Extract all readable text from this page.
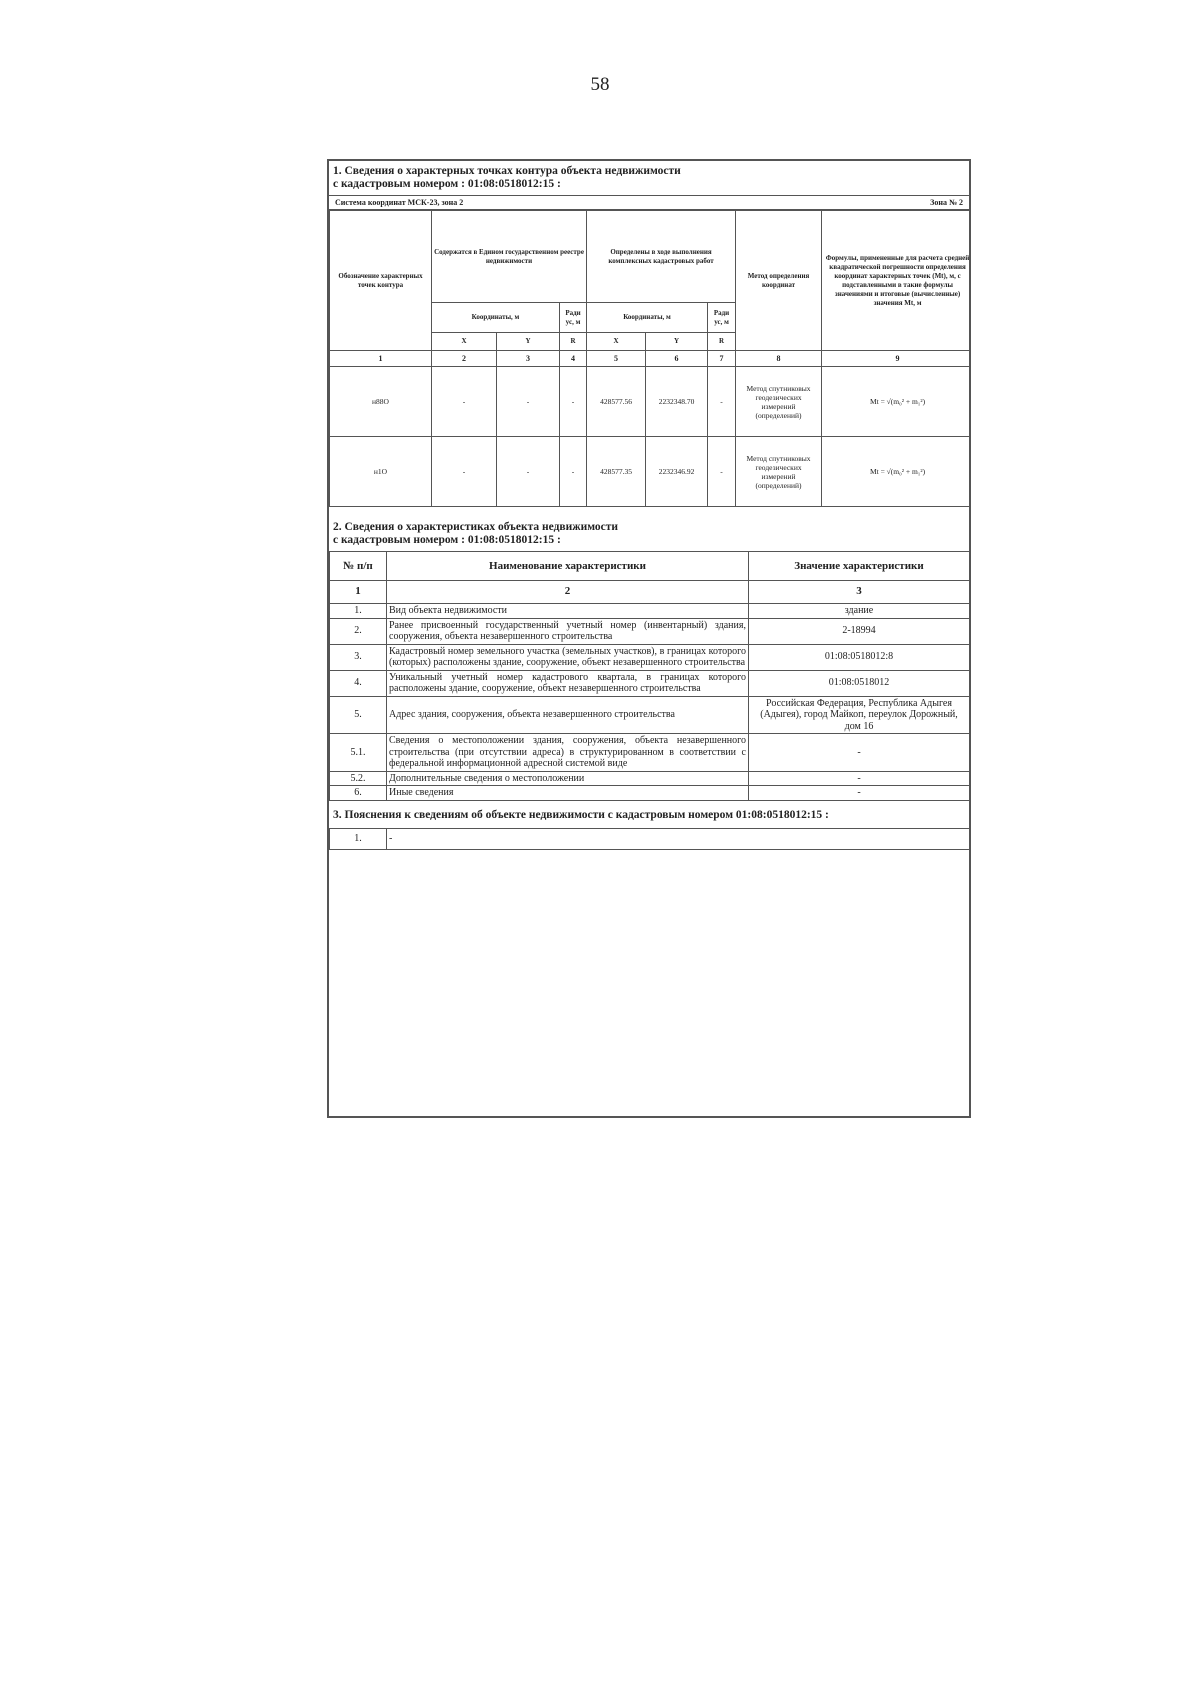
58
1. Сведения о характерных точках контура объекта недвижимости
с кадастровым номером : 01:08:0518012:15 :
Система координат МСК-23, зона 2	Зона № 2
Обозначение характерных точек контура	Содержатся в Едином государственном реестре недвижимости			Определены в ходе выполнения комплексных кадастровых работ			Метод определения координат	Формулы, примененные для расчета средней квадратической погрешности определения координат характерных точек (Mt), м, с подставленными в такие формулы значениями и итоговые (вычисленные) значения Mt, м
	Координаты, м		Ради ус, м	Координаты, м		Ради ус, м		
	X	Y	R	X	Y	R		
1	2	3	4	5	6	7	8	9
н88О	-	-	-	428577.56	2232348.70	-	Метод спутниковых геодезических измерений (определений)	Mt = √(m₀² + m₁²)
н1О	-	-	-	428577.35	2232346.92	-	Метод спутниковых геодезических измерений (определений)	Mt = √(m₀² + m₁²)
2. Сведения о характеристиках объекта недвижимости
с кадастровым номером : 01:08:0518012:15 :
№ п/п	Наименование характеристики	Значение характеристики
1	2	3
1.	Вид объекта недвижимости	здание
2.	Ранее присвоенный государственный учетный номер (инвентарный) здания, сооружения, объекта незавершенного строительства	2-18994
3.	Кадастровый номер земельного участка (земельных участков), в границах которого (которых) расположены здание, сооружение, объект незавершенного строительства	01:08:0518012:8
4.	Уникальный учетный номер кадастрового квартала, в границах которого расположены здание, сооружение, объект незавершенного строительства	01:08:0518012
5.	Адрес здания, сооружения, объекта незавершенного строительства	Российская Федерация, Республика Адыгея (Адыгея), город Майкоп, переулок Дорожный, дом 16
5.1.	Сведения о местоположении здания, сооружения, объекта незавершенного строительства (при отсутствии адреса) в структурированном в соответствии с федеральной информационной адресной системой виде	-
5.2.	Дополнительные сведения о местоположении	-
6.	Иные сведения	-
3. Пояснения к сведениям об объекте недвижимости с кадастровым номером 01:08:0518012:15 :
1.	-
